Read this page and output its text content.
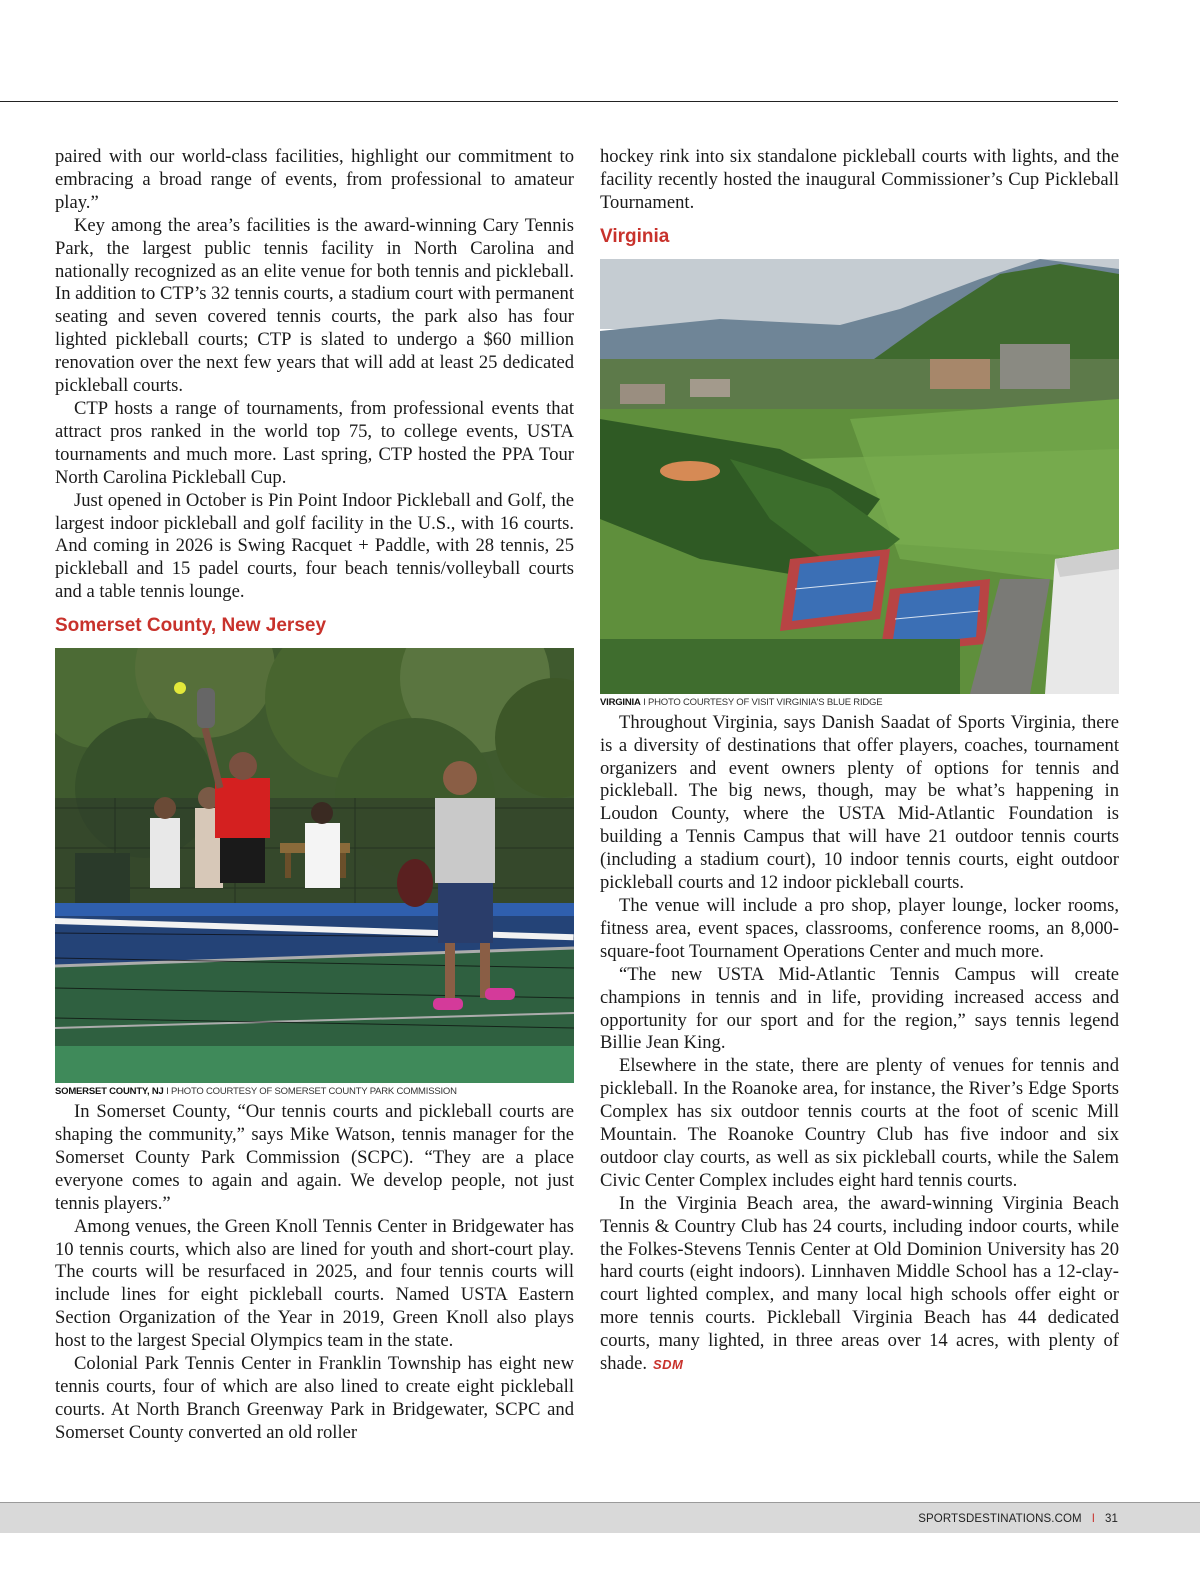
paired with our world-class facilities, highlight our commitment to embracing a broad range of events, from professional to amateur play.”

Key among the area’s facilities is the award-winning Cary Tennis Park, the largest public tennis facility in North Carolina and nationally recognized as an elite venue for both tennis and pickleball. In addition to CTP’s 32 tennis courts, a stadium court with permanent seating and seven covered tennis courts, the park also has four lighted pickleball courts; CTP is slated to undergo a $60 million renovation over the next few years that will add at least 25 dedicated pickleball courts.

CTP hosts a range of tournaments, from professional events that attract pros ranked in the world top 75, to college events, USTA tournaments and much more. Last spring, CTP hosted the PPA Tour North Carolina Pickleball Cup.

Just opened in October is Pin Point Indoor Pickleball and Golf, the largest indoor pickleball and golf facility in the U.S., with 16 courts. And coming in 2026 is Swing Racquet + Paddle, with 28 tennis, 25 pickleball and 15 padel courts, four beach tennis/volleyball courts and a table tennis lounge.

Somerset County, New Jersey
SOMERSET COUNTY, NJ I PHOTO COURTESY OF SOMERSET COUNTY PARK COMMISSION

In Somerset County, “Our tennis courts and pickleball courts are shaping the community,” says Mike Watson, tennis manager for the Somerset County Park Commission (SCPC). “They are a place everyone comes to again and again. We develop people, not just tennis players.”

Among venues, the Green Knoll Tennis Center in Bridgewater has 10 tennis courts, which also are lined for youth and short-court play. The courts will be resurfaced in 2025, and four tennis courts will include lines for eight pickleball courts. Named USTA Eastern Section Organization of the Year in 2019, Green Knoll also plays host to the largest Special Olympics team in the state.

Colonial Park Tennis Center in Franklin Township has eight new tennis courts, four of which are also lined to create eight pickleball courts. At North Branch Greenway Park in Bridgewater, SCPC and Somerset County converted an old roller

hockey rink into six standalone pickleball courts with lights, and the facility recently hosted the inaugural Commissioner’s Cup Pickleball Tournament.

Virginia
VIRGINIA I PHOTO COURTESY OF VISIT VIRGINIA'S BLUE RIDGE

Throughout Virginia, says Danish Saadat of Sports Virginia, there is a diversity of destinations that offer players, coaches, tournament organizers and event owners plenty of options for tennis and pickleball. The big news, though, may be what’s happening in Loudon County, where the USTA Mid-Atlantic Foundation is building a Tennis Campus that will have 21 outdoor tennis courts (including a stadium court), 10 indoor tennis courts, eight outdoor pickleball courts and 12 indoor pickleball courts.

The venue will include a pro shop, player lounge, locker rooms, fitness area, event spaces, classrooms, conference rooms, an 8,000-square-foot Tournament Operations Center and much more.

“The new USTA Mid-Atlantic Tennis Campus will create champions in tennis and in life, providing increased access and opportunity for our sport and for the region,” says tennis legend Billie Jean King.

Elsewhere in the state, there are plenty of venues for tennis and pickleball. In the Roanoke area, for instance, the River’s Edge Sports Complex has six outdoor tennis courts at the foot of scenic Mill Mountain. The Roanoke Country Club has five indoor and six outdoor clay courts, as well as six pickleball courts, while the Salem Civic Center Complex includes eight hard tennis courts.

In the Virginia Beach area, the award-winning Virginia Beach Tennis & Country Club has 24 courts, including indoor courts, while the Folkes-Stevens Tennis Center at Old Dominion University has 20 hard courts (eight indoors). Linnhaven Middle School has a 12-clay-court lighted complex, and many local high schools offer eight or more tennis courts. Pickleball Virginia Beach has 44 dedicated courts, many lighted, in three areas over 14 acres, with plenty of shade. SDM

SPORTSDESTINATIONS.COM I 31
